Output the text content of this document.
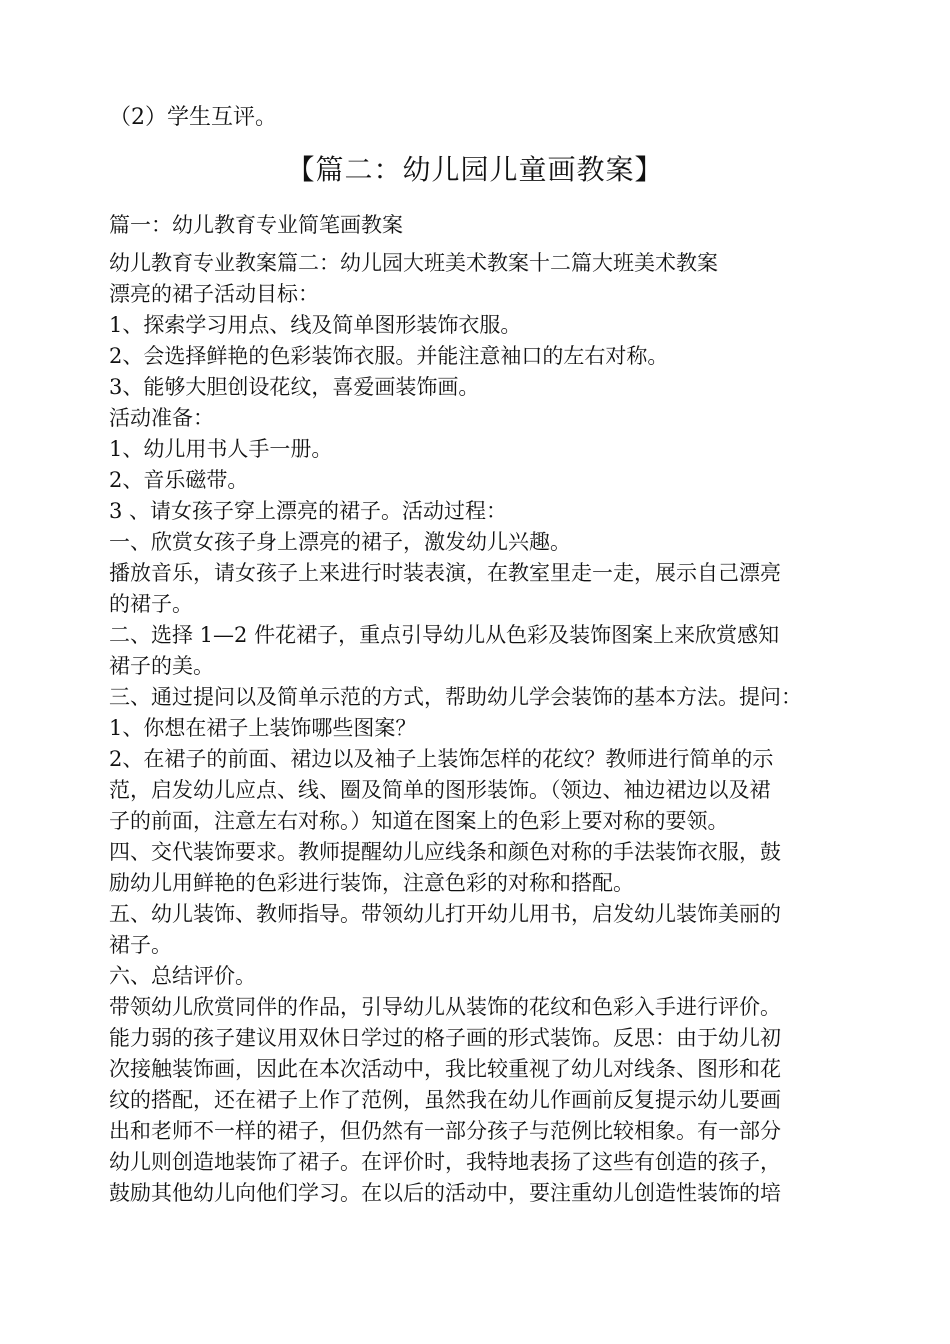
（2）学生互评。
【篇二：幼儿园儿童画教案】
篇一：幼儿教育专业简笔画教案
幼儿教育专业教案篇二：幼儿园大班美术教案十二篇大班美术教案
漂亮的裙子活动目标：
1、探索学习用点、线及简单图形装饰衣服。
2、会选择鲜艳的色彩装饰衣服。并能注意袖口的左右对称。
3、能够大胆创设花纹，喜爱画装饰画。
活动准备：
1、幼儿用书人手一册。
2、音乐磁带。
3 、请女孩子穿上漂亮的裙子。活动过程：
一、欣赏女孩子身上漂亮的裙子，激发幼儿兴趣。
播放音乐，请女孩子上来进行时装表演，在教室里走一走，展示自己漂亮
的裙子。
二、选择 1—2 件花裙子，重点引导幼儿从色彩及装饰图案上来欣赏感知
裙子的美。
三、通过提问以及简单示范的方式，帮助幼儿学会装饰的基本方法。提问：
1、你想在裙子上装饰哪些图案？
2、在裙子的前面、裙边以及袖子上装饰怎样的花纹？教师进行简单的示
范，启发幼儿应点、线、圈及简单的图形装饰。（领边、袖边裙边以及裙
子的前面，注意左右对称。）知道在图案上的色彩上要对称的要领。
四、交代装饰要求。教师提醒幼儿应线条和颜色对称的手法装饰衣服，鼓
励幼儿用鲜艳的色彩进行装饰，注意色彩的对称和搭配。
五、幼儿装饰、教师指导。带领幼儿打开幼儿用书，启发幼儿装饰美丽的
裙子。
六、总结评价。
带领幼儿欣赏同伴的作品，引导幼儿从装饰的花纹和色彩入手进行评价。
能力弱的孩子建议用双休日学过的格子画的形式装饰。反思：由于幼儿初
次接触装饰画，因此在本次活动中，我比较重视了幼儿对线条、图形和花
纹的搭配，还在裙子上作了范例，虽然我在幼儿作画前反复提示幼儿要画
出和老师不一样的裙子，但仍然有一部分孩子与范例比较相象。有一部分
幼儿则创造地装饰了裙子。在评价时，我特地表扬了这些有创造的孩子，
鼓励其他幼儿向他们学习。在以后的活动中，要注重幼儿创造性装饰的培
